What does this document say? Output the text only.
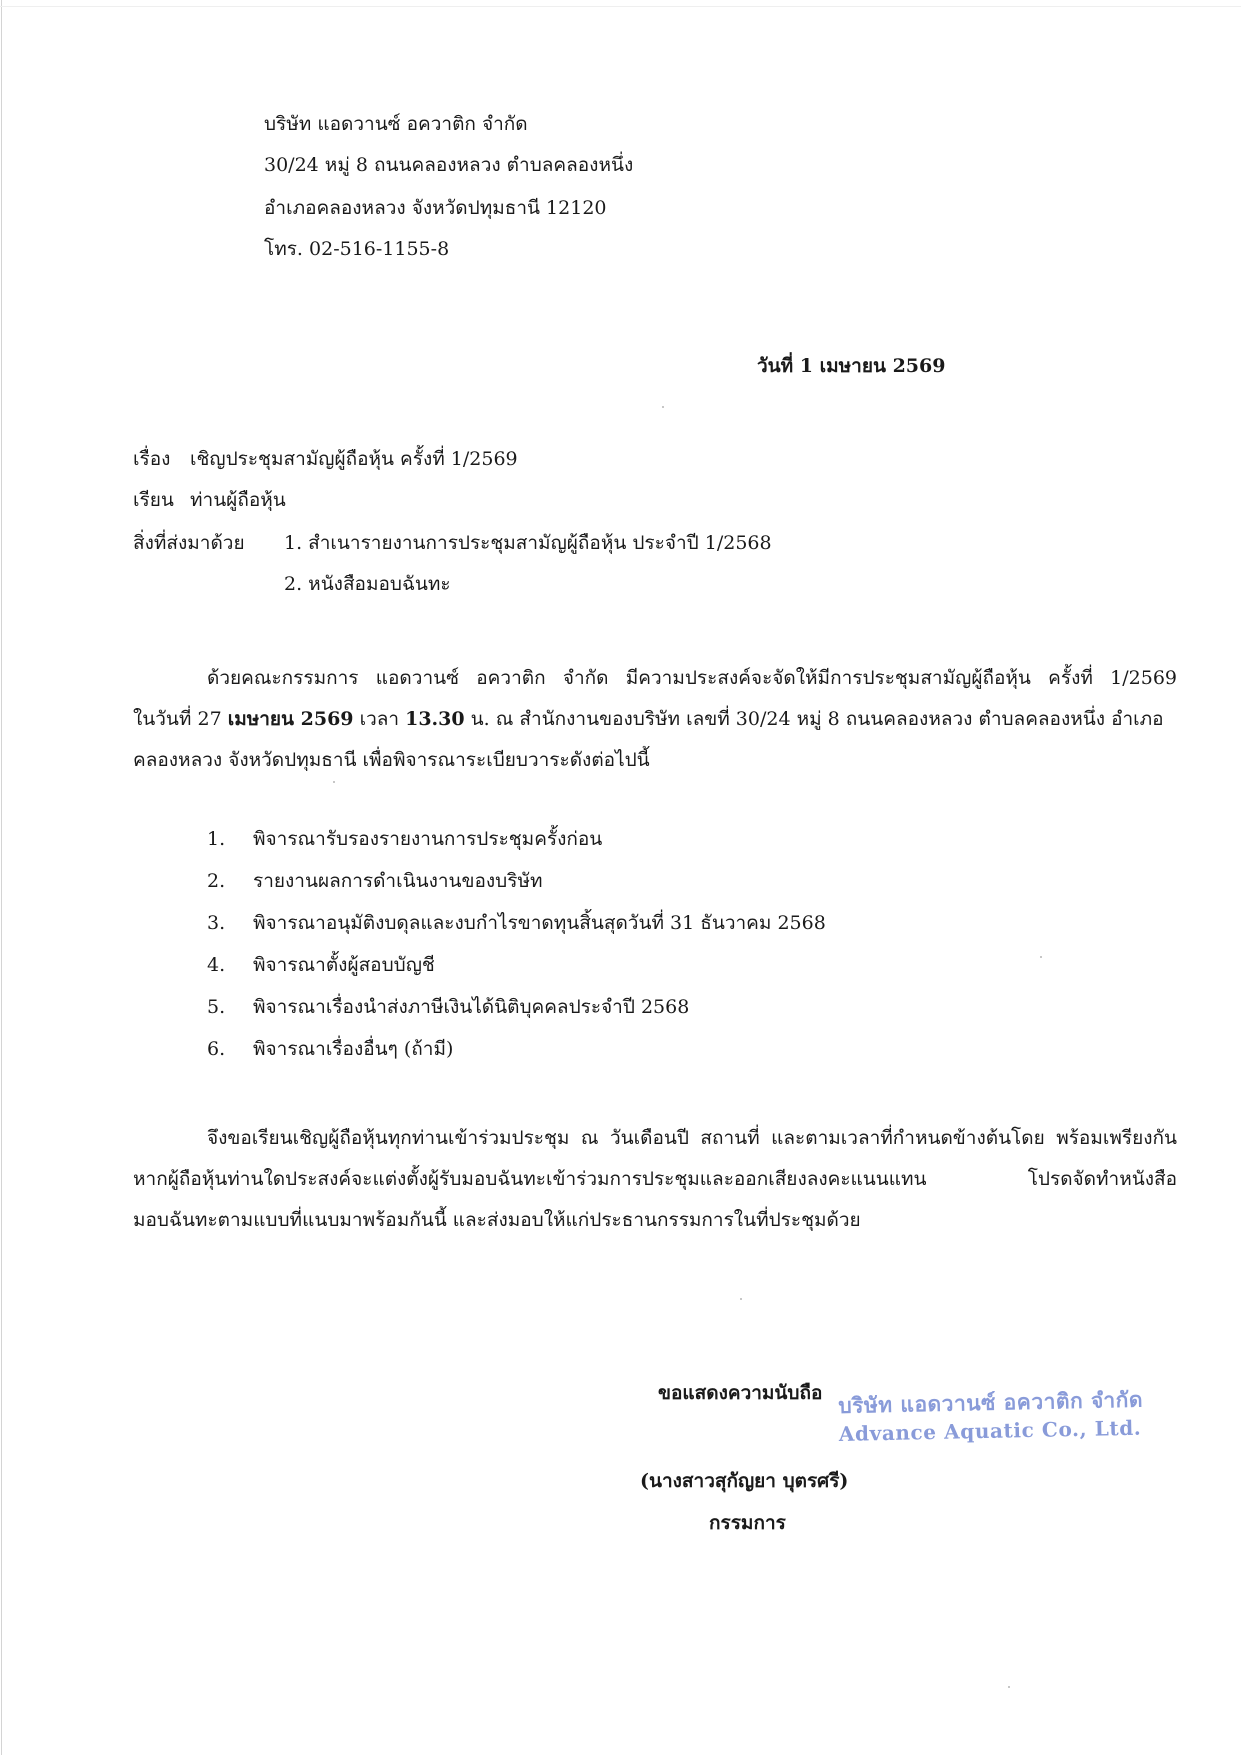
บริษัท แอดวานซ์ อควาติก จำกัด
30/24 หมู่ 8 ถนนคลองหลวง ตำบลคลองหนึ่ง
อำเภอคลองหลวง จังหวัดปทุมธานี 12120
โทร. 02-516-1155-8
วันที่ 1 เมษายน 2569
เรื่อง เชิญประชุมสามัญผู้ถือหุ้น ครั้งที่ 1/2569
เรียน ท่านผู้ถือหุ้น
สิ่งที่ส่งมาด้วย 1. สำเนารายงานการประชุมสามัญผู้ถือหุ้น ประจำปี 1/2568
2. หนังสือมอบฉันทะ
ด้วยคณะกรรมการ แอดวานซ์ อควาติก จำกัด มีความประสงค์จะจัดให้มีการประชุมสามัญผู้ถือหุ้น ครั้งที่ 1/2569
ในวันที่ 27 เมษายน 2569 เวลา 13.30 น. ณ สำนักงานของบริษัท เลขที่ 30/24 หมู่ 8 ถนนคลองหลวง ตำบลคลองหนึ่ง อำเภอ
คลองหลวง จังหวัดปทุมธานี เพื่อพิจารณาระเบียบวาระดังต่อไปนี้
1. พิจารณารับรองรายงานการประชุมครั้งก่อน
2. รายงานผลการดำเนินงานของบริษัท
3. พิจารณาอนุมัติงบดุลและงบกำไรขาดทุนสิ้นสุดวันที่ 31 ธันวาคม 2568
4. พิจารณาตั้งผู้สอบบัญชี
5. พิจารณาเรื่องนำส่งภาษีเงินได้นิติบุคคลประจำปี 2568
6. พิจารณาเรื่องอื่นๆ (ถ้ามี)
จึงขอเรียนเชิญผู้ถือหุ้นทุกท่านเข้าร่วมประชุม ณ วันเดือนปี สถานที่ และตามเวลาที่กำหนดข้างต้นโดย พร้อมเพรียงกัน
หากผู้ถือหุ้นท่านใดประสงค์จะแต่งตั้งผู้รับมอบฉันทะเข้าร่วมการประชุมและออกเสียงลงคะแนนแทน โปรดจัดทำหนังสือ
มอบฉันทะตามแบบที่แนบมาพร้อมกันนี้ และส่งมอบให้แก่ประธานกรรมการในที่ประชุมด้วย
ขอแสดงความนับถือ บริษัท แอดวานซ์ อควาติก จำกัด
Advance Aquatic Co., Ltd.
(นางสาวสุกัญยา บุตรศรี)
กรรมการ
